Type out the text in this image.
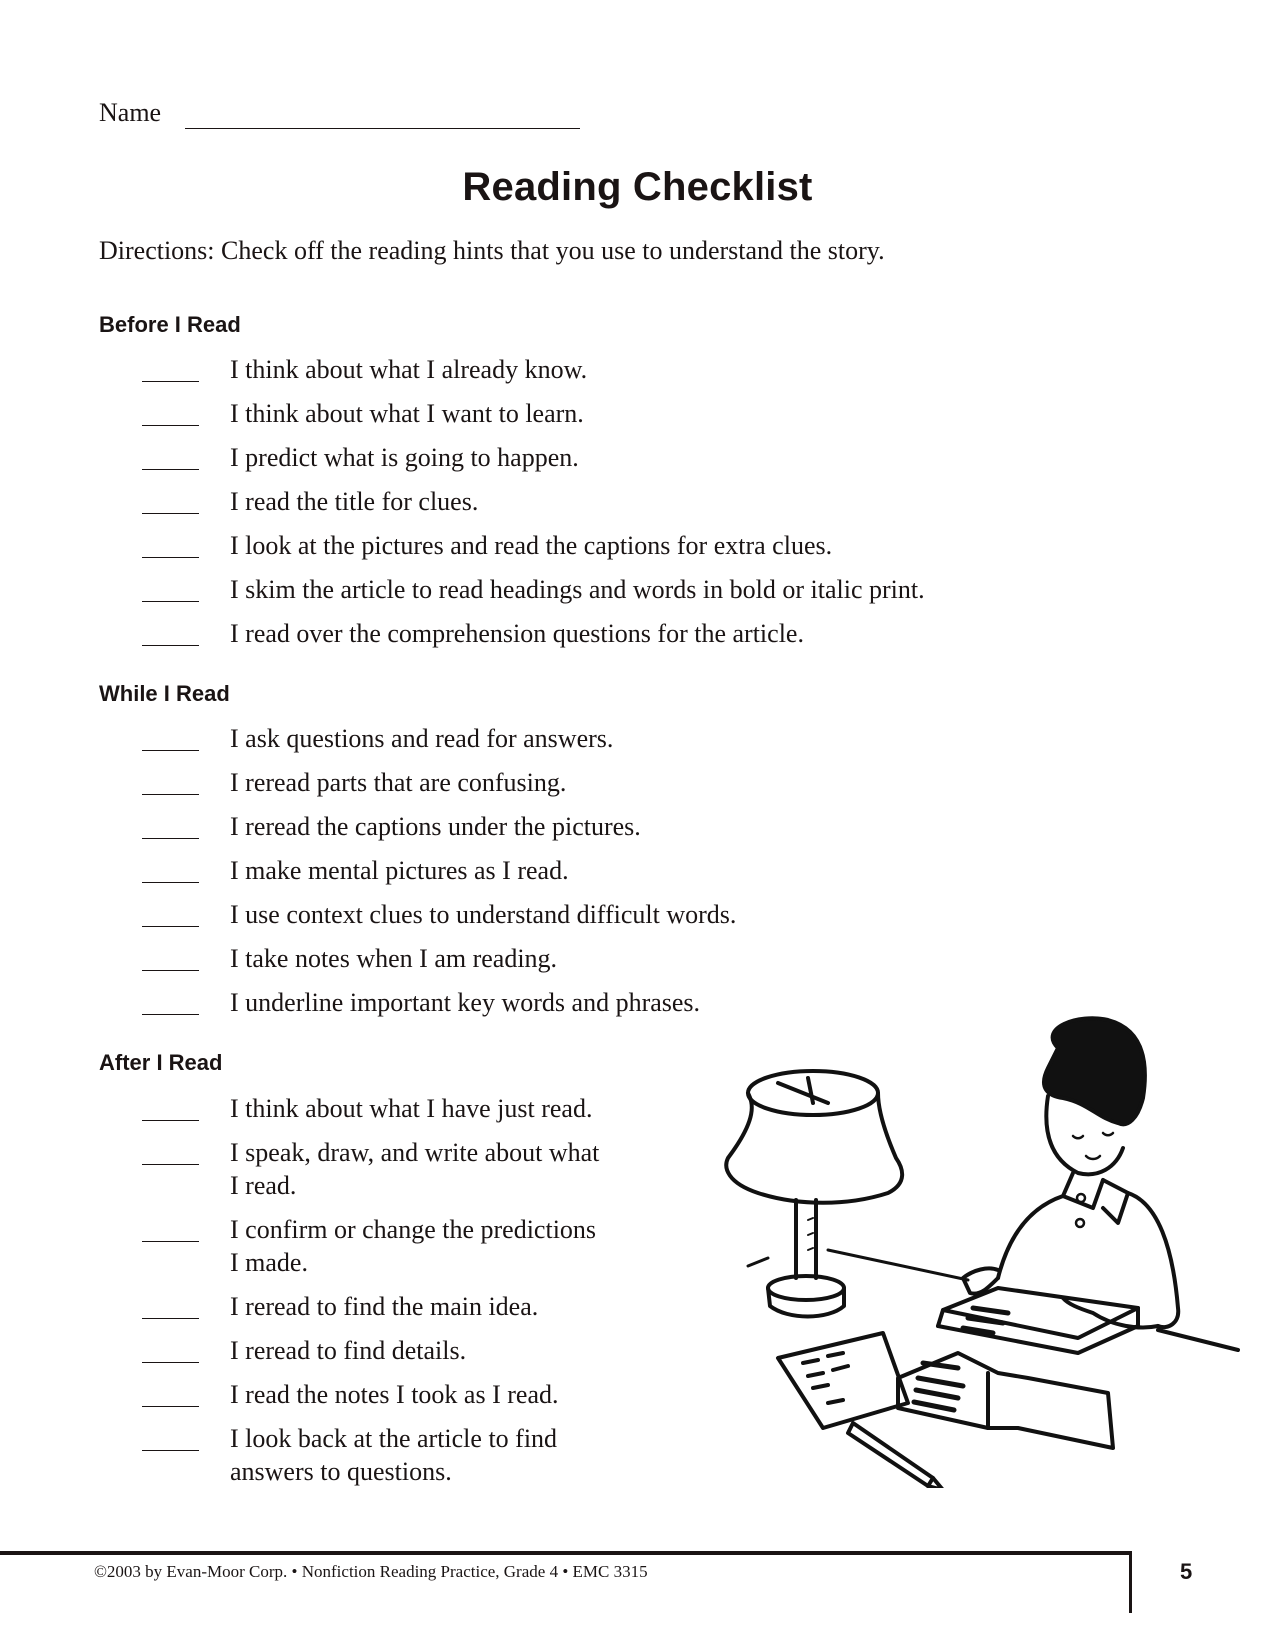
Name
Reading Checklist
Directions: Check off the reading hints that you use to understand the story.
Before I Read
I think about what I already know.
I think about what I want to learn.
I predict what is going to happen.
I read the title for clues.
I look at the pictures and read the captions for extra clues.
I skim the article to read headings and words in bold or italic print.
I read over the comprehension questions for the article.
While I Read
I ask questions and read for answers.
I reread parts that are confusing.
I reread the captions under the pictures.
I make mental pictures as I read.
I use context clues to understand difficult words.
I take notes when I am reading.
I underline important key words and phrases.
After I Read
I think about what I have just read.
I speak, draw, and write about what
I read.
I confirm or change the predictions
I made.
I reread to find the main idea.
I reread to find details.
I read the notes I took as I read.
I look back at the article to find
answers to questions.
©2003 by Evan-Moor Corp. • Nonfiction Reading Practice, Grade 4 • EMC 3315	5
